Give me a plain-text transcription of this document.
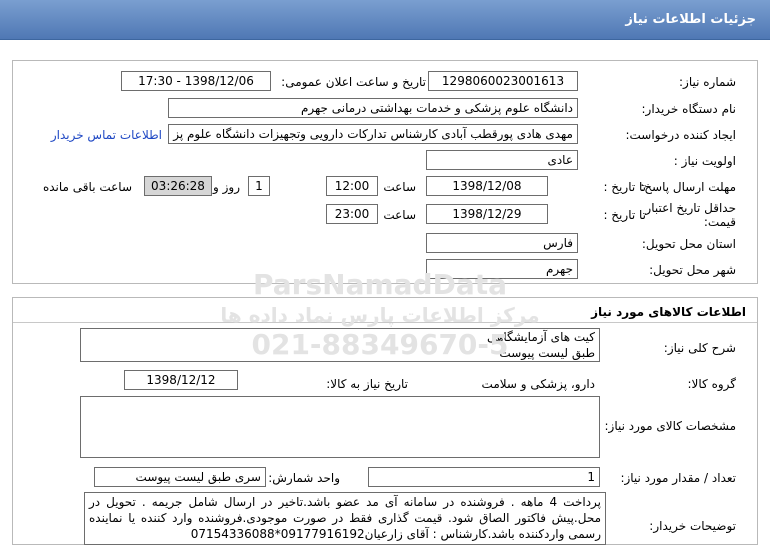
جزئیات اطلاعات نیاز
شماره نیاز:
1298060023001613
تاریخ و ساعت اعلان عمومی:
1398/12/06 - 17:30
نام دستگاه خریدار:
دانشگاه علوم پزشکی و خدمات بهداشتی درمانی جهرم
ایجاد کننده درخواست:
مهدی هادی پورقطب آبادی کارشناس تدارکات دارویی وتجهیزات دانشگاه علوم پز
اطلاعات تماس خریدار
اولویت نیاز :
عادی
مهلت ارسال پاسخ:
تا تاریخ :
1398/12/08
ساعت
12:00
1
روز و
03:26:28
ساعت باقی مانده
حداقل تاریخ اعتبار
قیمت:
تا تاریخ :
1398/12/29
ساعت
23:00
استان محل تحویل:
فارس
شهر محل تحویل:
جهرم
اطلاعات کالاهای مورد نیاز
شرح کلی نیاز:
کیت های آزمایشگاهی
طبق لیست پیوست
گروه کالا:
دارو، پزشکی و سلامت
تاریخ نیاز به کالا:
1398/12/12
مشخصات کالای مورد نیاز:
تعداد / مقدار مورد نیاز:
1
واحد شمارش:
سری طبق لیست پیوست
توضیحات خریدار:
پرداخت 4 ماهه . فروشنده در سامانه آی مد عضو باشد.تاخیر در ارسال شامل جریمه . تحویل در محل.پیش فاکتور الصاق شود. قیمت گذاری فقط در صورت موجودی.فروشنده وارد کننده یا نماینده رسمی واردکننده باشد.کارشناس : آقای زارعیان09177916192*07154336088
ParsNamadData
مرکز اطلاعات پارس نماد داده ها
021-88349670-5
